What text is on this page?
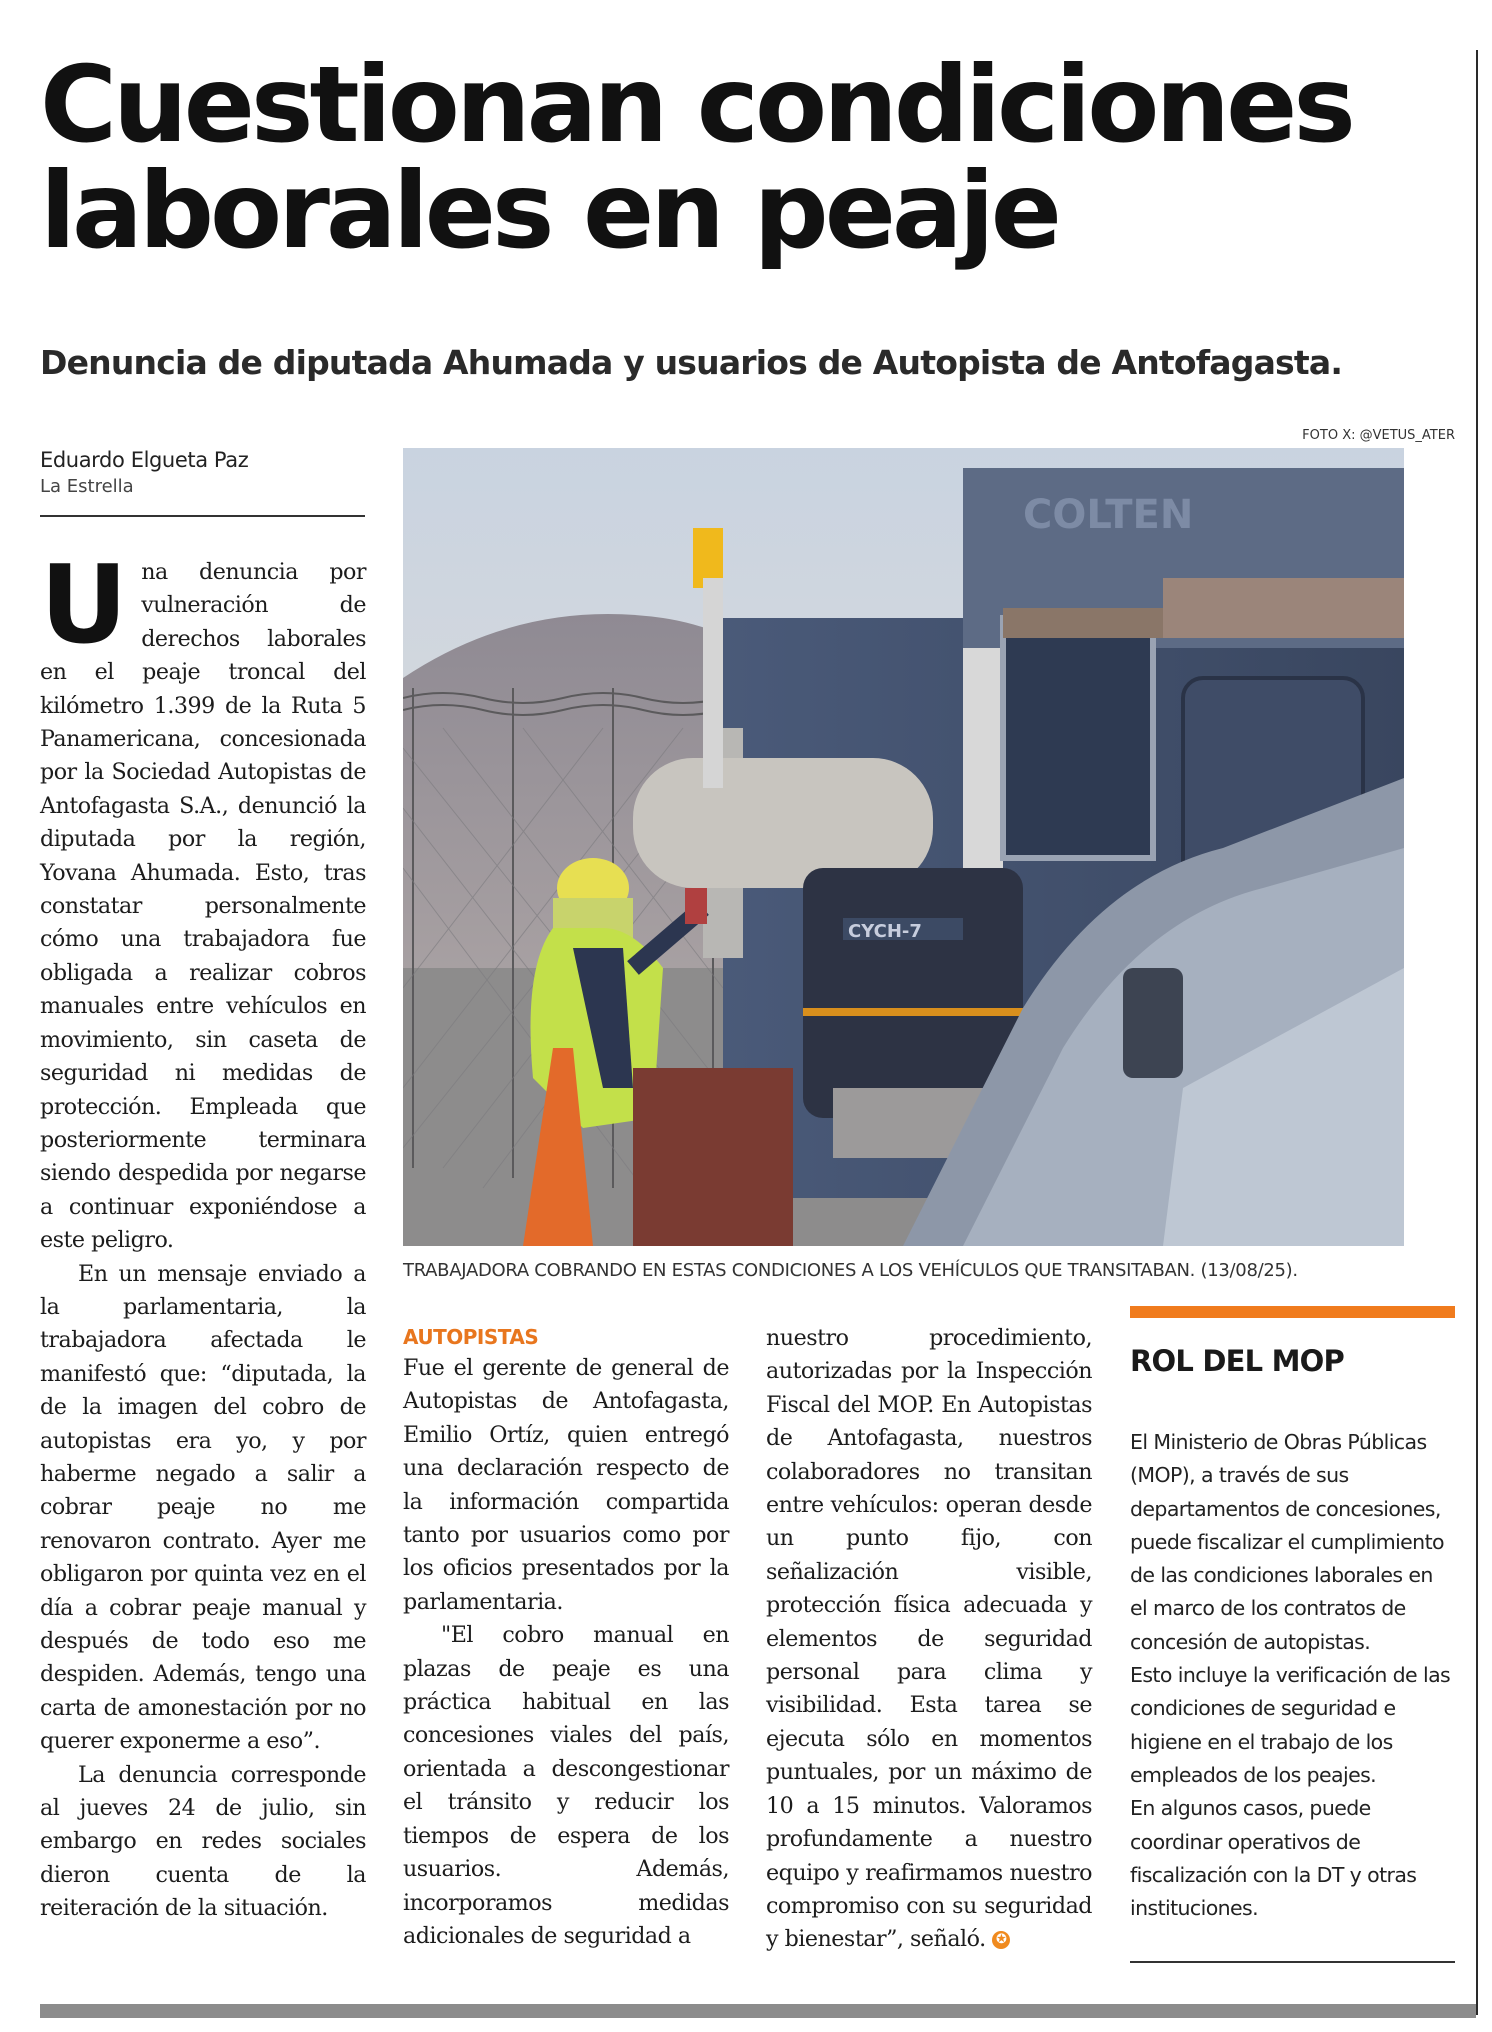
Cuestionan condiciones laborales en peaje
Denuncia de diputada Ahumada y usuarios de Autopista de Antofagasta.
FOTO X: @VETUS_ATER
Eduardo Elgueta Paz
La Estrella

Una denuncia por vulneración de derechos laborales en el peaje troncal del kilómetro 1.399 de la Ruta 5 Panamericana, concesionada por la Sociedad Autopistas de Antofagasta S.A., denunció la diputada por la región, Yovana Ahumada. Esto, tras constatar personalmente cómo una trabajadora fue obligada a realizar cobros manuales entre vehículos en movimiento, sin caseta de seguridad ni medidas de protección. Empleada que posteriormente terminara siendo despedida por negarse a continuar exponiéndose a este peligro.

En un mensaje enviado a la parlamentaria, la trabajadora afectada le manifestó que: “diputada, la de la imagen del cobro de autopistas era yo, y por haberme negado a salir a cobrar peaje no me renovaron contrato. Ayer me obligaron por quinta vez en el día a cobrar peaje manual y después de todo eso me despiden. Además, tengo una carta de amonestación por no querer exponerme a eso”.

La denuncia corresponde al jueves 24 de julio, sin embargo en redes sociales dieron cuenta de la reiteración de la situación.

COLTEN
CYCH-7
TRABAJADORA COBRANDO EN ESTAS CONDICIONES A LOS VEHÍCULOS QUE TRANSITABAN. (13/08/25).
AUTOPISTAS

Fue el gerente de general de Autopistas de Antofagasta, Emilio Ortíz, quien entregó una declaración respecto de la información compartida tanto por usuarios como por los oficios presentados por la parlamentaria.

"El cobro manual en plazas de peaje es una práctica habitual en las concesiones viales del país, orientada a descongestionar el tránsito y reducir los tiempos de espera de los usuarios. Además, incorporamos medidas adicionales de seguridad a

nuestro procedimiento, autorizadas por la Inspección Fiscal del MOP. En Autopistas de Antofagasta, nuestros colaboradores no transitan entre vehículos: operan desde un punto fijo, con señalización visible, protección física adecuada y elementos de seguridad personal para clima y visibilidad. Esta tarea se ejecuta sólo en momentos puntuales, por un máximo de 10 a 15 minutos. Valoramos profundamente a nuestro equipo y reafirmamos nuestro compromiso con su seguridad y bienestar”, señaló. ✪

ROL DEL MOP

El Ministerio de Obras Públicas (MOP), a través de sus departamentos de concesiones, puede fiscalizar el cumplimiento de las condiciones laborales en el marco de los contratos de concesión de autopistas.

Esto incluye la verificación de las condiciones de seguridad e higiene en el trabajo de los empleados de los peajes.

En algunos casos, puede coordinar operativos de fiscalización con la DT y otras instituciones.
